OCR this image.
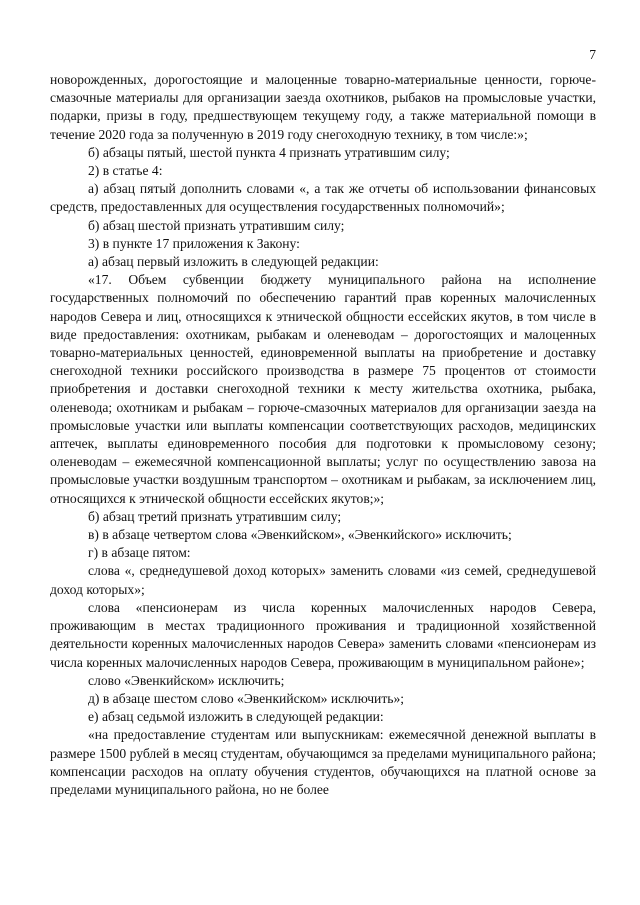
7

новорожденных, дорогостоящие и малоценные товарно-материальные ценности, горюче-смазочные материалы для организации заезда охотников, рыбаков на промысловые участки, подарки, призы в году, предшествующем текущему году, а также материальной помощи в течение 2020 года за полученную в 2019 году снегоходную технику, в том числе:»;

б) абзацы пятый, шестой пункта 4 признать утратившим силу;

2) в статье 4:

а) абзац пятый дополнить словами «, а так же отчеты об использовании финансовых средств, предоставленных для осуществления государственных полномочий»;

б) абзац шестой признать утратившим силу;

3) в пункте 17 приложения к Закону:

а) абзац первый изложить в следующей редакции:

«17. Объем субвенции бюджету муниципального района на исполнение государственных полномочий по обеспечению гарантий прав коренных малочисленных народов Севера и лиц, относящихся к этнической общности ессейских якутов, в том числе в виде предоставления: охотникам, рыбакам и оленеводам – дорогостоящих и малоценных товарно-материальных ценностей, единовременной выплаты на приобретение и доставку снегоходной техники российского производства в размере 75 процентов от стоимости приобретения и доставки снегоходной техники к месту жительства охотника, рыбака, оленевода; охотникам и рыбакам – горюче-смазочных материалов для организации заезда на промысловые участки или выплаты компенсации соответствующих расходов, медицинских аптечек, выплаты единовременного пособия для подготовки к промысловому сезону; оленеводам – ежемесячной компенсационной выплаты; услуг по осуществлению завоза на промысловые участки воздушным транспортом – охотникам и рыбакам, за исключением лиц, относящихся к этнической общности ессейских якутов;»;

б) абзац третий признать утратившим силу;

в) в абзаце четвертом слова «Эвенкийском», «Эвенкийского» исключить;

г) в абзаце пятом:

слова «, среднедушевой доход которых» заменить словами «из семей, среднедушевой доход которых»;

слова «пенсионерам из числа коренных малочисленных народов Севера, проживающим в местах традиционного проживания и традиционной хозяйственной деятельности коренных малочисленных народов Севера» заменить словами «пенсионерам из числа коренных малочисленных народов Севера, проживающим в муниципальном районе»;

слово «Эвенкийском» исключить;

д) в абзаце шестом слово «Эвенкийском» исключить»;

е) абзац седьмой изложить в следующей редакции:

«на предоставление студентам или выпускникам: ежемесячной денежной выплаты в размере 1500 рублей в месяц студентам, обучающимся за пределами муниципального района; компенсации расходов на оплату обучения студентов, обучающихся на платной основе за пределами муниципального района, но не более
